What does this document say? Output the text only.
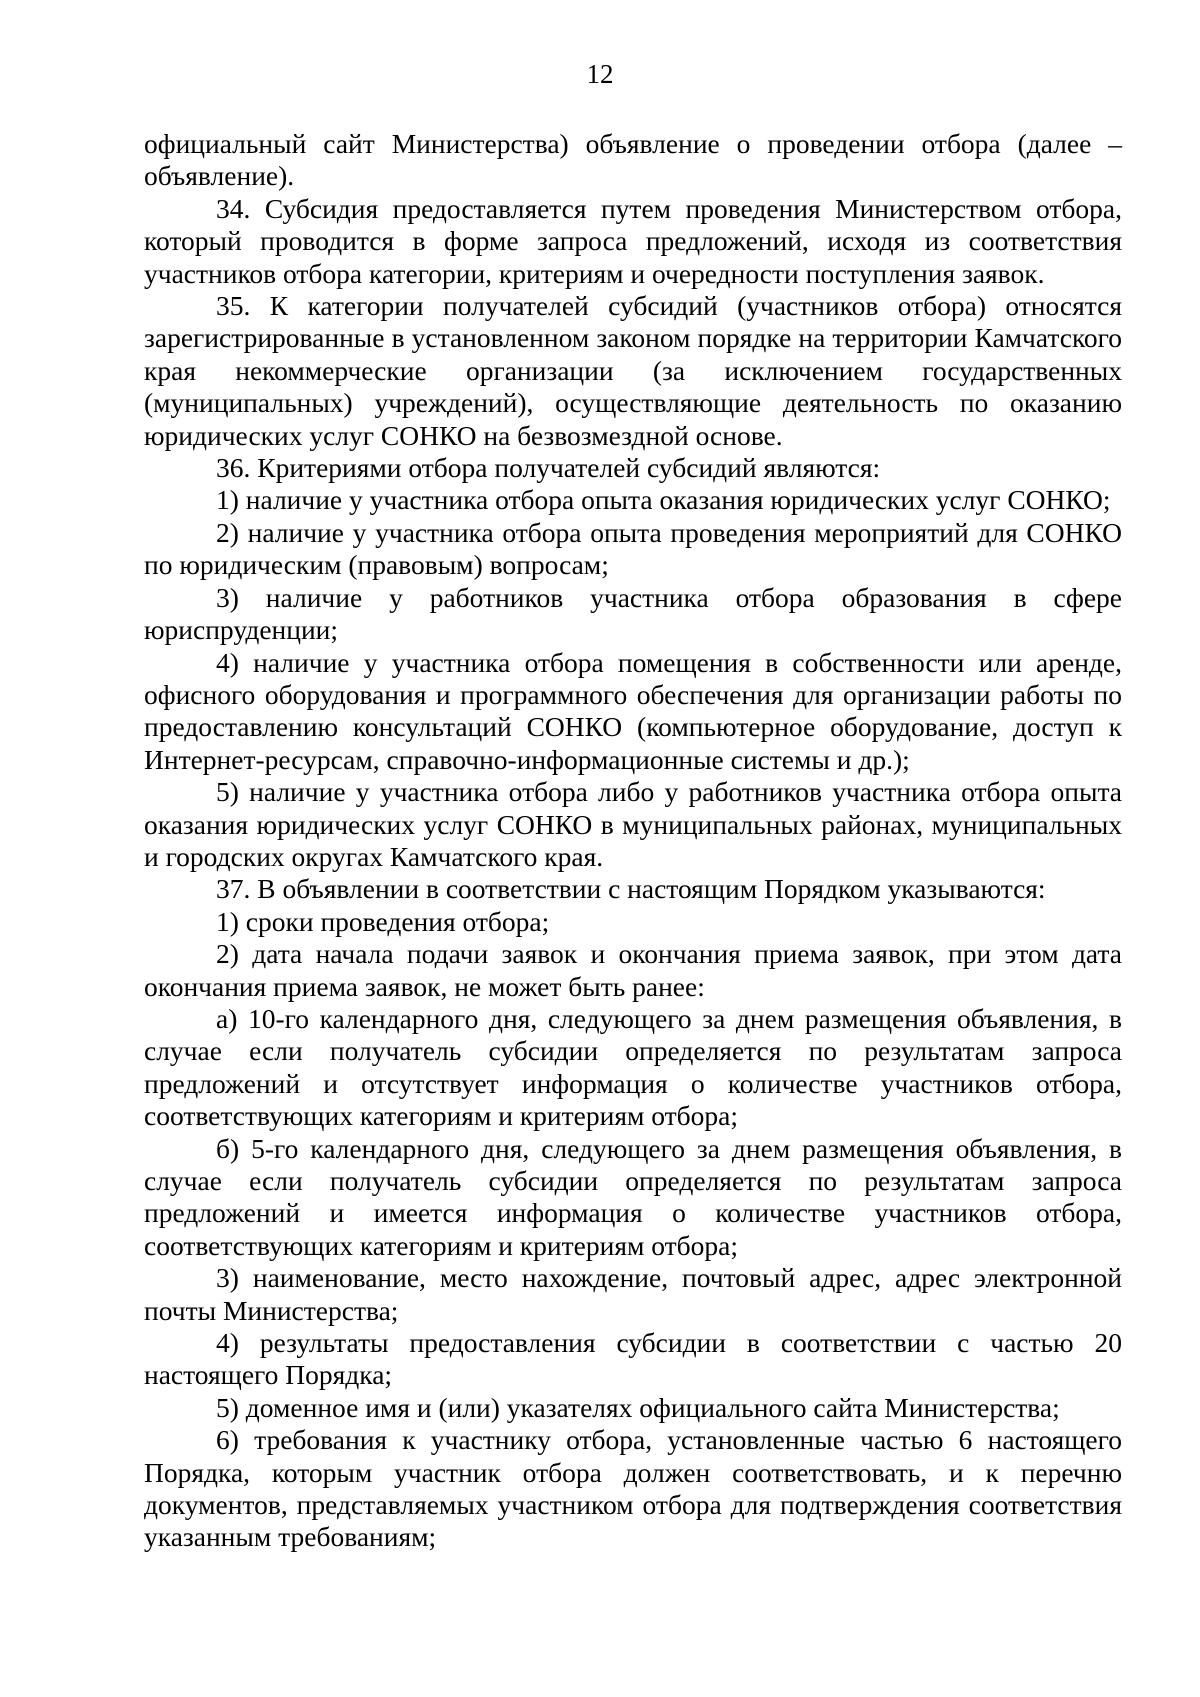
12

официальный сайт Министерства) объявление о проведении отбора (далее – объявление).

34. Субсидия предоставляется путем проведения Министерством отбора, который проводится в форме запроса предложений, исходя из соответствия участников отбора категории, критериям и очередности поступления заявок.

35. К категории получателей субсидий (участников отбора) относятся зарегистрированные в установленном законом порядке на территории Камчатского края некоммерческие организации (за исключением государственных (муниципальных) учреждений), осуществляющие деятельность по оказанию юридических услуг СОНКО на безвозмездной основе.

36. Критериями отбора получателей субсидий являются:

1) наличие у участника отбора опыта оказания юридических услуг СОНКО;

2) наличие у участника отбора опыта проведения мероприятий для СОНКО по юридическим (правовым) вопросам;

3) наличие у работников участника отбора образования в сфере юриспруденции;

4) наличие у участника отбора помещения в собственности или аренде, офисного оборудования и программного обеспечения для организации работы по предоставлению консультаций СОНКО (компьютерное оборудование, доступ к Интернет-ресурсам, справочно-информационные системы и др.);

5) наличие у участника отбора либо у работников участника отбора опыта оказания юридических услуг СОНКО в муниципальных районах, муниципальных и городских округах Камчатского края.

37. В объявлении в соответствии с настоящим Порядком указываются:

1) сроки проведения отбора;

2) дата начала подачи заявок и окончания приема заявок, при этом дата окончания приема заявок, не может быть ранее:

а) 10-го календарного дня, следующего за днем размещения объявления, в случае если получатель субсидии определяется по результатам запроса предложений и отсутствует информация о количестве участников отбора, соответствующих категориям и критериям отбора;

б) 5-го календарного дня, следующего за днем размещения объявления, в случае если получатель субсидии определяется по результатам запроса предложений и имеется информация о количестве участников отбора, соответствующих категориям и критериям отбора;

3) наименование, место нахождение, почтовый адрес, адрес электронной почты Министерства;

4) результаты предоставления субсидии в соответствии с частью 20 настоящего Порядка;

5) доменное имя и (или) указателях официального сайта Министерства;

6) требования к участнику отбора, установленные частью 6 настоящего Порядка, которым участник отбора должен соответствовать, и к перечню документов, представляемых участником отбора для подтверждения соответствия указанным требованиям;
